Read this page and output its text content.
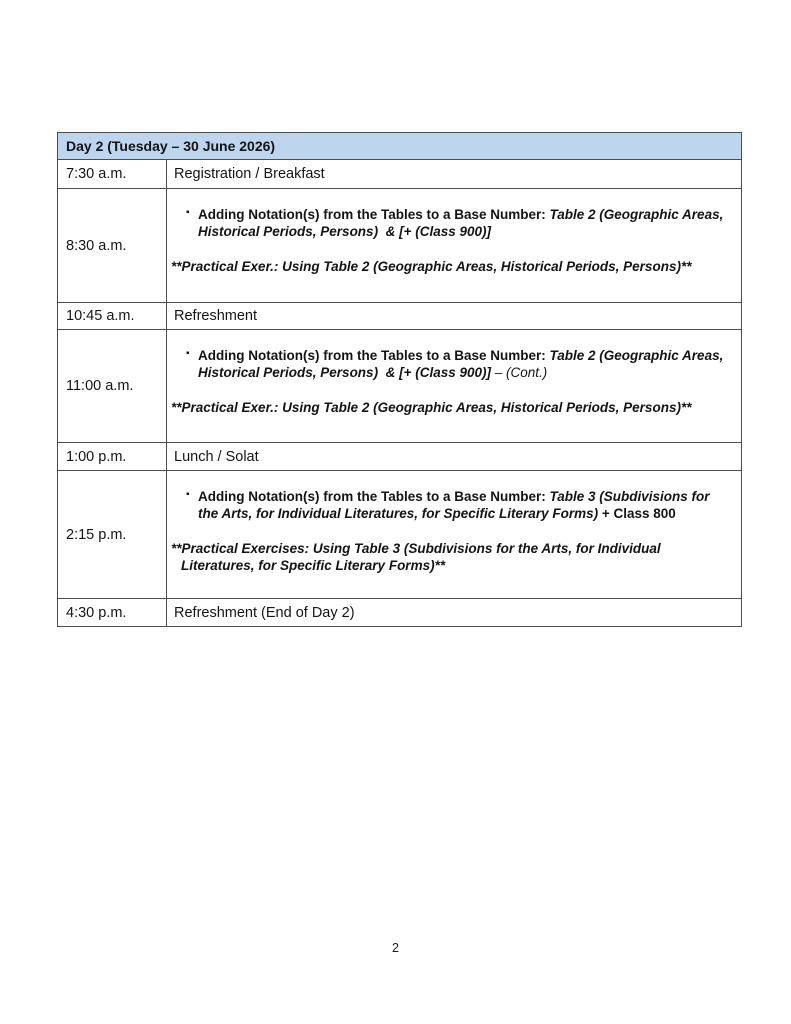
Day 2 (Tuesday – 30 June 2026)	
7:30 a.m.	Registration / Breakfast
8:30 a.m.	▪ Adding Notation(s) from the Tables to a Base Number: Table 2 (Geographic Areas, Historical Periods, Persons)  & [+ (Class 900)]
**Practical Exer.: Using Table 2 (Geographic Areas, Historical Periods, Persons)**

10:45 a.m.	Refreshment
11:00 a.m.	▪ Adding Notation(s) from the Tables to a Base Number: Table 2 (Geographic Areas, Historical Periods, Persons)  & [+ (Class 900)] – (Cont.)
**Practical Exer.: Using Table 2 (Geographic Areas, Historical Periods, Persons)**

1:00 p.m.	Lunch / Solat
2:15 p.m.	▪ Adding Notation(s) from the Tables to a Base Number: Table 3 (Subdivisions for the Arts, for Individual Literatures, for Specific Literary Forms) + Class 800
**Practical Exercises: Using Table 3 (Subdivisions for the Arts, for Individual Literatures, for Specific Literary Forms)**

4:30 p.m.	Refreshment (End of Day 2)
2
